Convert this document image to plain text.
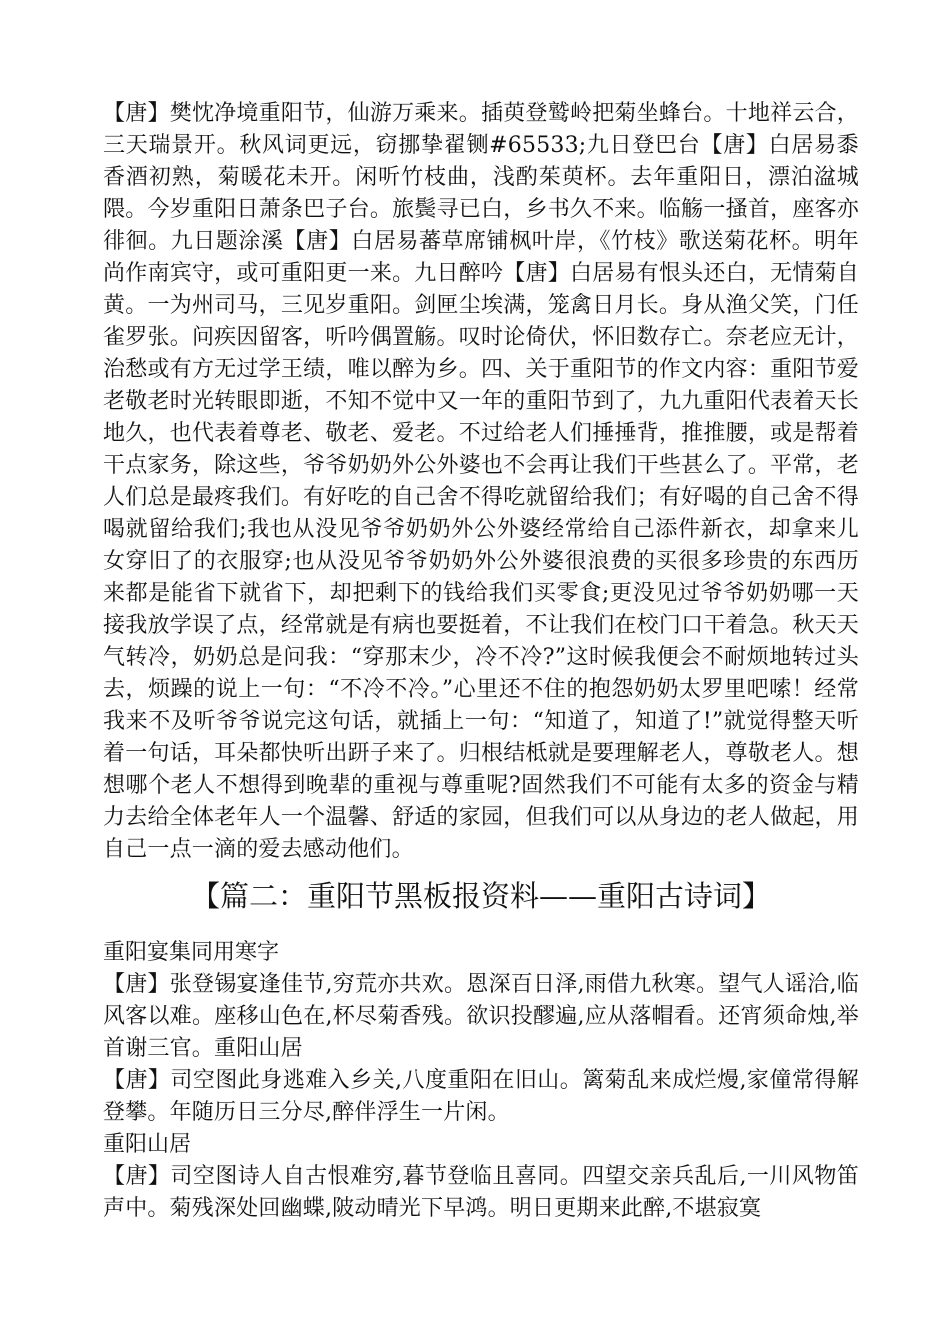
【唐】樊忱净境重阳节，仙游万乘来。插萸登鹫岭把菊坐蜂台。十地祥云合，三天瑞景开。秋风词更远，窃挪挚翟铡#65533;九日登巴台【唐】白居易黍香酒初熟，菊暖花未开。闲听竹枝曲，浅酌茱萸杯。去年重阳日，漂泊湓城隈。今岁重阳日萧条巴子台。旅鬓寻已白，乡书久不来。临觞一搔首，座客亦徘徊。九日题涂溪【唐】白居易蕃草席铺枫叶岸，《竹枝》歌送菊花杯。明年尚作南宾守，或可重阳更一来。九日醉吟【唐】白居易有恨头还白，无情菊自黄。一为州司马，三见岁重阳。剑匣尘埃满，笼禽日月长。身从渔父笑，门任雀罗张。问疾因留客，听吟偶置觞。叹时论倚伏，怀旧数存亡。奈老应无计，治愁或有方无过学王绩，唯以醉为乡。四、关于重阳节的作文内容：重阳节爱老敬老时光转眼即逝，不知不觉中又一年的重阳节到了，九九重阳代表着天长地久，也代表着尊老、敬老、爱老。不过给老人们捶捶背，推推腰，或是帮着干点家务，除这些，爷爷奶奶外公外婆也不会再让我们干些甚么了。平常，老人们总是最疼我们。有好吃的自己舍不得吃就留给我们；有好喝的自己舍不得喝就留给我们;我也从没见爷爷奶奶外公外婆经常给自己添件新衣，却拿来儿女穿旧了的衣服穿;也从没见爷爷奶奶外公外婆很浪费的买很多珍贵的东西历来都是能省下就省下，却把剩下的钱给我们买零食;更没见过爷爷奶奶哪一天接我放学误了点，经常就是有病也要挺着，不让我们在校门口干着急。秋天天气转冷，奶奶总是问我：“穿那末少，冷不冷?”这时候我便会不耐烦地转过头去，烦躁的说上一句：“不冷不冷。”心里还不住的抱怨奶奶太罗里吧嗦！经常我来不及听爷爷说完这句话，就插上一句：“知道了，知道了!”就觉得整天听着一句话，耳朵都快听出趼子来了。归根结柢就是要理解老人，尊敬老人。想想哪个老人不想得到晚辈的重视与尊重呢?固然我们不可能有太多的资金与精力去给全体老年人一个温馨、舒适的家园，但我们可以从身边的老人做起，用自己一点一滴的爱去感动他们。

【篇二：重阳节黑板报资料——重阳古诗词】

重阳宴集同用寒字

【唐】张登锡宴逢佳节,穷荒亦共欢。恩深百日泽,雨借九秋寒。望气人谣洽,临风客以难。座移山色在,杯尽菊香残。欲识投醪遍,应从落帽看。还宵须命烛,举首谢三官。重阳山居

【唐】司空图此身逃难入乡关,八度重阳在旧山。篱菊乱来成烂熳,家僮常得解登攀。年随历日三分尽,醉伴浮生一片闲。

重阳山居

【唐】司空图诗人自古恨难穷,暮节登临且喜同。四望交亲兵乱后,一川风物笛声中。菊残深处回幽蝶,陂动晴光下早鸿。明日更期来此醉,不堪寂寞
